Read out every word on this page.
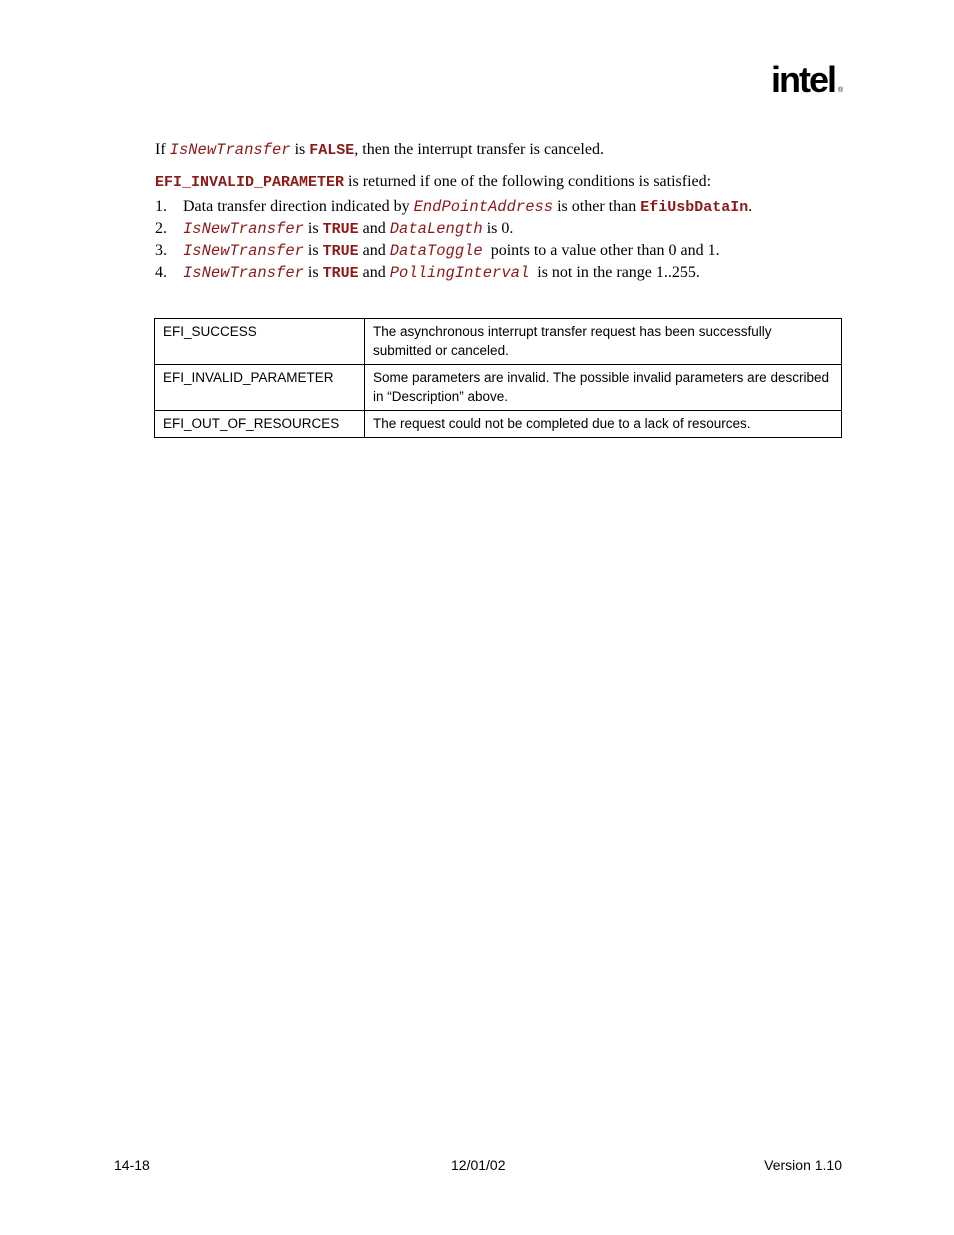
intel ®
If IsNewTransfer is FALSE, then the interrupt transfer is canceled.
EFI_INVALID_PARAMETER is returned if one of the following conditions is satisfied:
1. Data transfer direction indicated by EndPointAddress is other than EfiUsbDataIn.
2. IsNewTransfer is TRUE and DataLength is 0.
3. IsNewTransfer is TRUE and DataToggle  points to a value other than 0 and 1.
4. IsNewTransfer is TRUE and PollingInterval  is not in the range 1..255.
EFI_SUCCESS	The asynchronous interrupt transfer request has been successfully submitted or canceled.
EFI_INVALID_PARAMETER	Some parameters are invalid. The possible invalid parameters are described in “Description” above.
EFI_OUT_OF_RESOURCES	The request could not be completed due to a lack of resources.
14-18	12/01/02	Version 1.10
